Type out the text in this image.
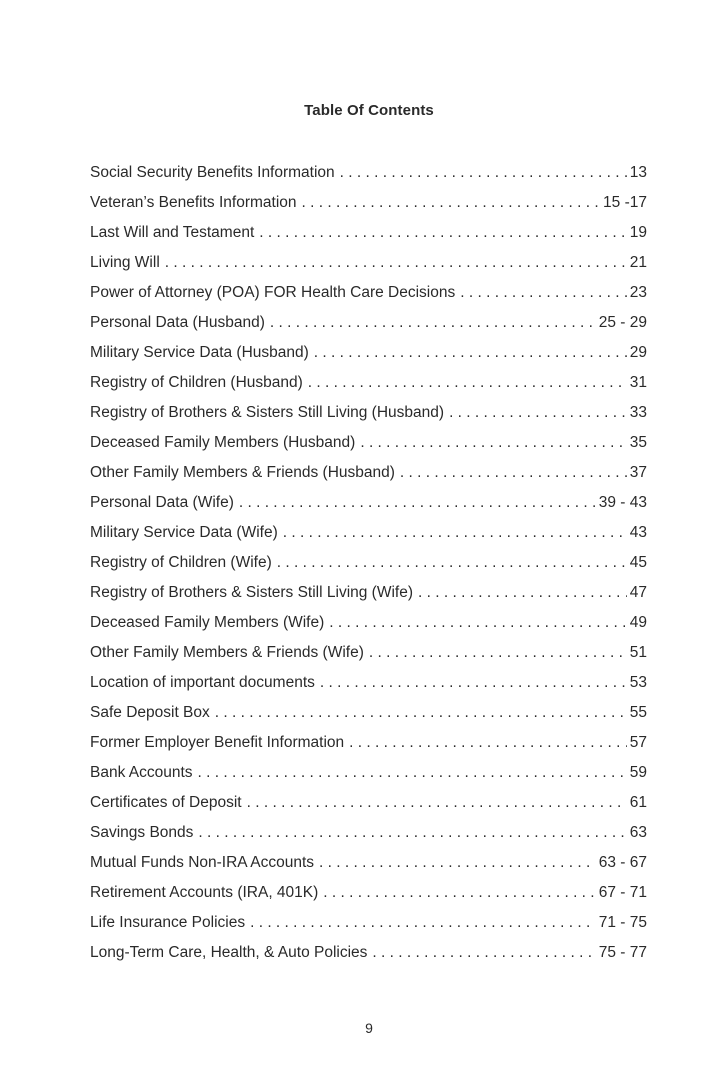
Table Of Contents
Social Security Benefits Information . . .	13
Veteran’s Benefits Information . . .	15 -17
Last Will and Testament . . .	19
Living Will . . .	21
Power of Attorney (POA) FOR Health Care Decisions . . .	23
Personal Data (Husband) . . .	25 - 29
Military Service Data (Husband) . . .	29
Registry of Children (Husband) . . .	31
Registry of Brothers & Sisters Still Living (Husband) . . .	33
Deceased Family Members (Husband) . . .	35
Other Family Members & Friends (Husband) . . .	37
Personal Data (Wife) . . .	39 - 43
Military Service Data (Wife) . . .	43
Registry of Children (Wife) . . .	45
Registry of Brothers & Sisters Still Living (Wife) . . .	47
Deceased Family Members (Wife) . . .	49
Other Family Members & Friends (Wife) . . .	51
Location of important documents . . .	53
Safe Deposit Box . . .	55
Former Employer Benefit Information . . .	57
Bank Accounts . . .	59
Certificates of Deposit . . .	61
Savings Bonds . . .	63
Mutual Funds Non-IRA Accounts . . .	63 - 67
Retirement Accounts (IRA, 401K) . . .	67 - 71
Life Insurance Policies . . .	71 - 75
Long-Term Care, Health, & Auto Policies . . .	75 - 77
9
